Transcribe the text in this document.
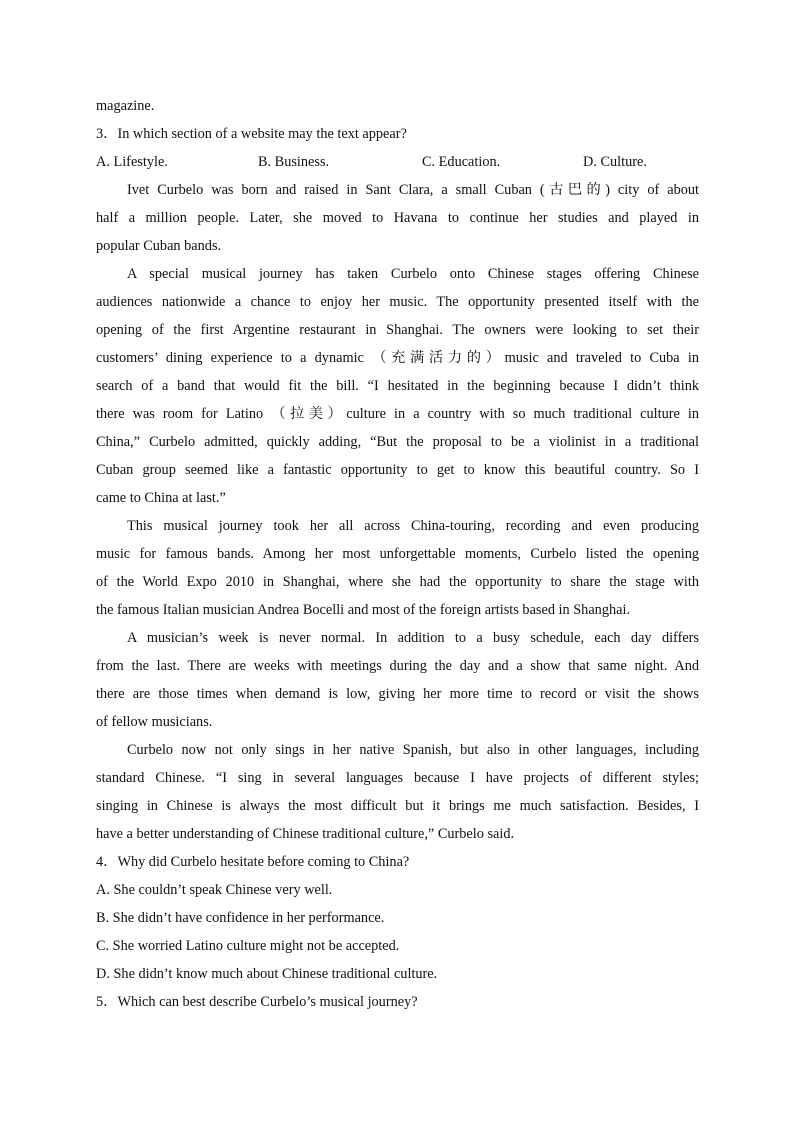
magazine.

3．In which section of a website may the text appear?

A. Lifestyle.	B. Business.	C. Education.	D. Culture.

Ivet Curbelo was born and raised in Sant Clara, a small Cuban (古巴的) city of about

half a million people. Later, she moved to Havana to continue her studies and played in

popular Cuban bands.

A special musical journey has taken Curbelo onto Chinese stages offering Chinese

audiences nationwide a chance to enjoy her music. The opportunity presented itself with the

opening of the first Argentine restaurant in Shanghai. The owners were looking to set their

customers’ dining experience to a dynamic （充满活力的）music and traveled to Cuba in

search of a band that would fit the bill. “I hesitated in the beginning because I didn’t think

there was room for Latino （拉美）culture in a country with so much traditional culture in

China,” Curbelo admitted, quickly adding, “But the proposal to be a violinist in a traditional

Cuban group seemed like a fantastic opportunity to get to know this beautiful country. So I

came to China at last.”

This musical journey took her all across China-touring, recording and even producing

music for famous bands. Among her most unforgettable moments, Curbelo listed the opening

of the World Expo 2010 in Shanghai, where she had the opportunity to share the stage with

the famous Italian musician Andrea Bocelli and most of the foreign artists based in Shanghai.

A musician’s week is never normal. In addition to a busy schedule, each day differs

from the last. There are weeks with meetings during the day and a show that same night. And

there are those times when demand is low, giving her more time to record or visit the shows

of fellow musicians.

Curbelo now not only sings in her native Spanish, but also in other languages, including

standard Chinese. “I sing in several languages because I have projects of different styles;

singing in Chinese is always the most difficult but it brings me much satisfaction. Besides, I

have a better understanding of Chinese traditional culture,” Curbelo said.

4．Why did Curbelo hesitate before coming to China?

A. She couldn’t speak Chinese very well.

B. She didn’t have confidence in her performance.

C. She worried Latino culture might not be accepted.

D. She didn’t know much about Chinese traditional culture.

5．Which can best describe Curbelo’s musical journey?
